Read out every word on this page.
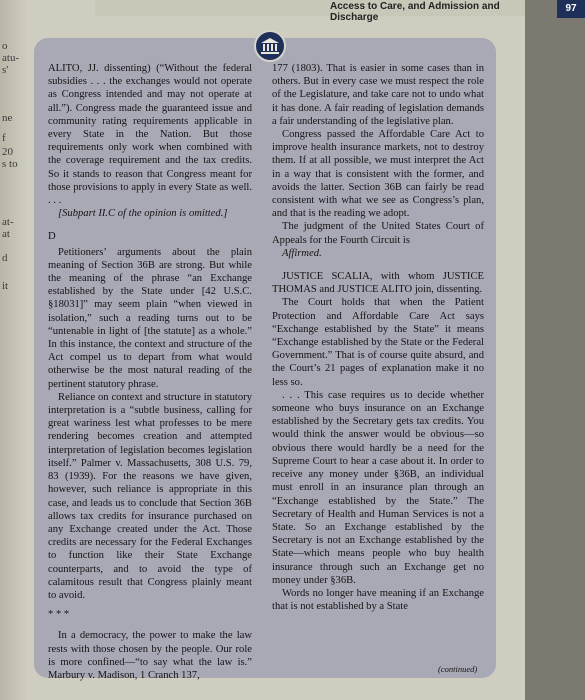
o
atu-
s'
ne
f
20
s to
at-
at
d
it
Access to Care, and Admission and Discharge
97

ALITO, JJ. dissenting) (“Without the federal subsidies . . . the exchanges would not operate as Congress intended and may not operate at all.”). Congress made the guaranteed issue and community rating requirements applicable in every State in the Nation. But those requirements only work when combined with the coverage requirement and the tax credits. So it stands to reason that Congress meant for those provisions to apply in every State as well. . . .

[Subpart II.C of the opinion is omitted.]

D

Petitioners’ arguments about the plain meaning of Section 36B are strong. But while the meaning of the phrase “an Exchange established by the State under [42 U.S.C. §18031]” may seem plain “when viewed in isolation,” such a reading turns out to be “untenable in light of [the statute] as a whole.” In this instance, the context and structure of the Act compel us to depart from what would otherwise be the most natural reading of the pertinent statutory phrase.

Reliance on context and structure in statutory interpretation is a “subtle business, calling for great wariness lest what professes to be mere rendering becomes creation and attempted interpretation of legislation becomes legislation itself.” Palmer v. Massachusetts, 308 U.S. 79, 83 (1939). For the reasons we have given, however, such reliance is appropriate in this case, and leads us to conclude that Section 36B allows tax credits for insurance purchased on any Exchange created under the Act. Those credits are necessary for the Federal Exchanges to function like their State Exchange counterparts, and to avoid the type of calamitous result that Congress plainly meant to avoid.

* * *

In a democracy, the power to make the law rests with those chosen by the people. Our role is more confined—“to say what the law is.” Marbury v. Madison, 1 Cranch 137,

177 (1803). That is easier in some cases than in others. But in every case we must respect the role of the Legislature, and take care not to undo what it has done. A fair reading of legislation demands a fair understanding of the legislative plan.

Congress passed the Affordable Care Act to improve health insurance markets, not to destroy them. If at all possible, we must interpret the Act in a way that is consistent with the former, and avoids the latter. Section 36B can fairly be read consistent with what we see as Congress’s plan, and that is the reading we adopt.

The judgment of the United States Court of Appeals for the Fourth Circuit is

Affirmed.

JUSTICE SCALIA, with whom JUSTICE THOMAS and JUSTICE ALITO join, dissenting.

The Court holds that when the Patient Protection and Affordable Care Act says “Exchange established by the State” it means “Exchange established by the State or the Federal Government.” That is of course quite absurd, and the Court’s 21 pages of explanation make it no less so.

. . . This case requires us to decide whether someone who buys insurance on an Exchange established by the Secretary gets tax credits. You would think the answer would be obvious—so obvious there would hardly be a need for the Supreme Court to hear a case about it. In order to receive any money under §36B, an individual must enroll in an insurance plan through an “Exchange established by the State.” The Secretary of Health and Human Services is not a State. So an Exchange established by the Secretary is not an Exchange established by the State—which means people who buy health insurance through such an Exchange get no money under §36B.

Words no longer have meaning if an Exchange that is not established by a State

(continued)
